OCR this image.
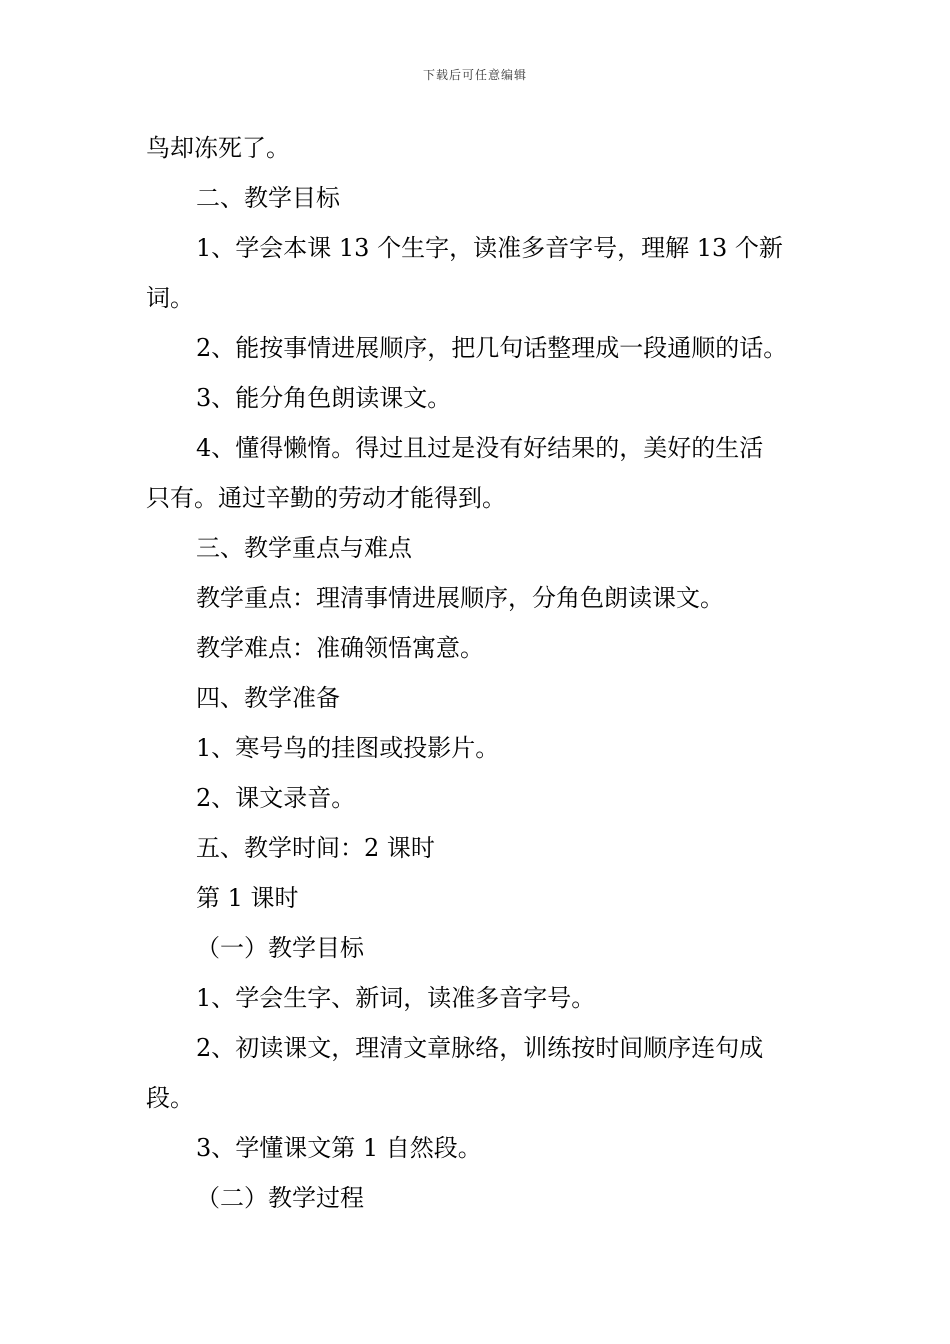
下载后可任意编辑
鸟却冻死了。
二、教学目标
1、学会本课 13 个生字，读准多音字号，理解 13 个新
词。
2、能按事情进展顺序，把几句话整理成一段通顺的话。
3、能分角色朗读课文。
4、懂得懒惰。得过且过是没有好结果的，美好的生活
只有。通过辛勤的劳动才能得到。
三、教学重点与难点
教学重点：理清事情进展顺序，分角色朗读课文。
教学难点：准确领悟寓意。
四、教学准备
1、寒号鸟的挂图或投影片。
2、课文录音。
五、教学时间：2 课时
第 1 课时
（一）教学目标
1、学会生字、新词，读准多音字号。
2、初读课文，理清文章脉络，训练按时间顺序连句成
段。
3、学懂课文第 1 自然段。
（二）教学过程
